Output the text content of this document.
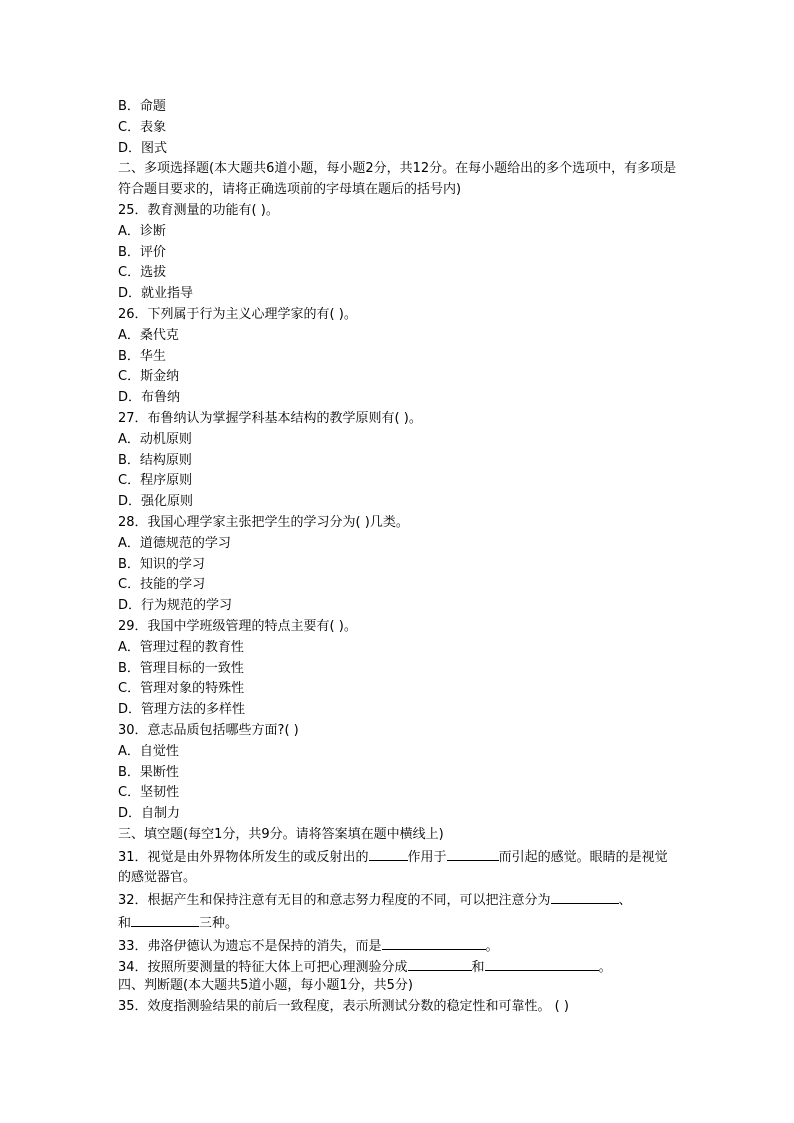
B．命题
C．表象
D．图式
二、多项选择题(本大题共6道小题，每小题2分，共12分。在每小题给出的多个选项中，有多项是符合题目要求的，请将正确选项前的字母填在题后的括号内)
25．教育测量的功能有( )。
A．诊断
B．评价
C．选拔
D．就业指导
26．下列属于行为主义心理学家的有( )。
A．桑代克
B．华生
C．斯金纳
D．布鲁纳
27．布鲁纳认为掌握学科基本结构的教学原则有( )。
A．动机原则
B．结构原则
C．程序原则
D．强化原则
28．我国心理学家主张把学生的学习分为( )几类。
A．道德规范的学习
B．知识的学习
C．技能的学习
D．行为规范的学习
29．我国中学班级管理的特点主要有( )。
A．管理过程的教育性
B．管理目标的一致性
C．管理对象的特殊性
D．管理方法的多样性
30．意志品质包括哪些方面?( )
A．自觉性
B．果断性
C．坚韧性
D．自制力
三、填空题(每空1分，共9分。请将答案填在题中横线上)
31．视觉是由外界物体所发生的或反射出的	作用于	而引起的感觉。眼睛的是视觉的感觉器官。
32．根据产生和保持注意有无目的和意志努力程度的不同，可以把注意分为	、
和	三种。
33．弗洛伊德认为遗忘不是保持的消失，而是	。
34．按照所要测量的特征大体上可把心理测验分成	和	。
四、判断题(本大题共5道小题，每小题1分，共5分)
35．效度指测验结果的前后一致程度，表示所测试分数的稳定性和可靠性。 ( )
